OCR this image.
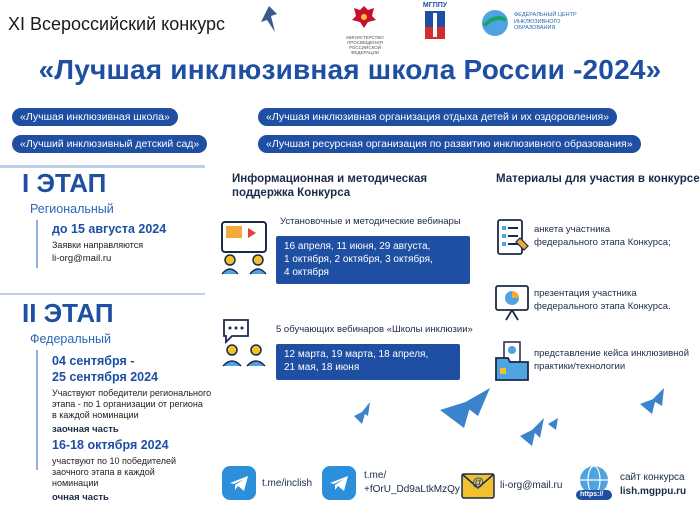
XI Всероссийский конкурс
МИНИСТЕРСТВО ПРОСВЕЩЕНИЯ РОССИЙСКОЙ ФЕДЕРАЦИИ
МГППУ
ФЕДЕРАЛЬНЫЙ ЦЕНТР ИНКЛЮЗИВНОГО ОБРАЗОВАНИЯ
«Лучшая инклюзивная школа России -2024»
«Лучшая инклюзивная школа»	«Лучшая инклюзивная организация отдыха детей и их оздоровления»
«Лучший инклюзивный детский сад»	«Лучшая ресурсная организация по развитию инклюзивного образования»
I ЭТАП
Региональный
до 15 августа 2024
Заявки направляются
li-org@mail.ru
II ЭТАП
Федеральный
04 сентября -
25 сентября 2024
Участвуют победители регионального
этапа - по 1 организации от региона
в каждой номинации
заочная часть
16-18 октября 2024
участвуют по 10 победителей
заочного этапа в каждой
номинации
очная часть
Информационная и методическая
поддержка Конкурса
Установочные и методические вебинары
16 апреля, 11 июня, 29 августа,
1 октября, 2 октября, 3 октября,
4 октября
5 обучающих вебинаров «Школы инклюзии»
12 марта, 19 марта, 18 апреля,
21 мая, 18 июня
Материалы для участия в конкурсе
анкета участника
федерального этапа Конкурса;
презентация участника
федерального этапа Конкурса.
представление кейса инклюзивной
практики/технологии
t.me/inclish
t.me/
+fOrU_Dd9aLtkMzQy
@ li-org@mail.ru
https://
сайт конкурса
lish.mgppu.ru
